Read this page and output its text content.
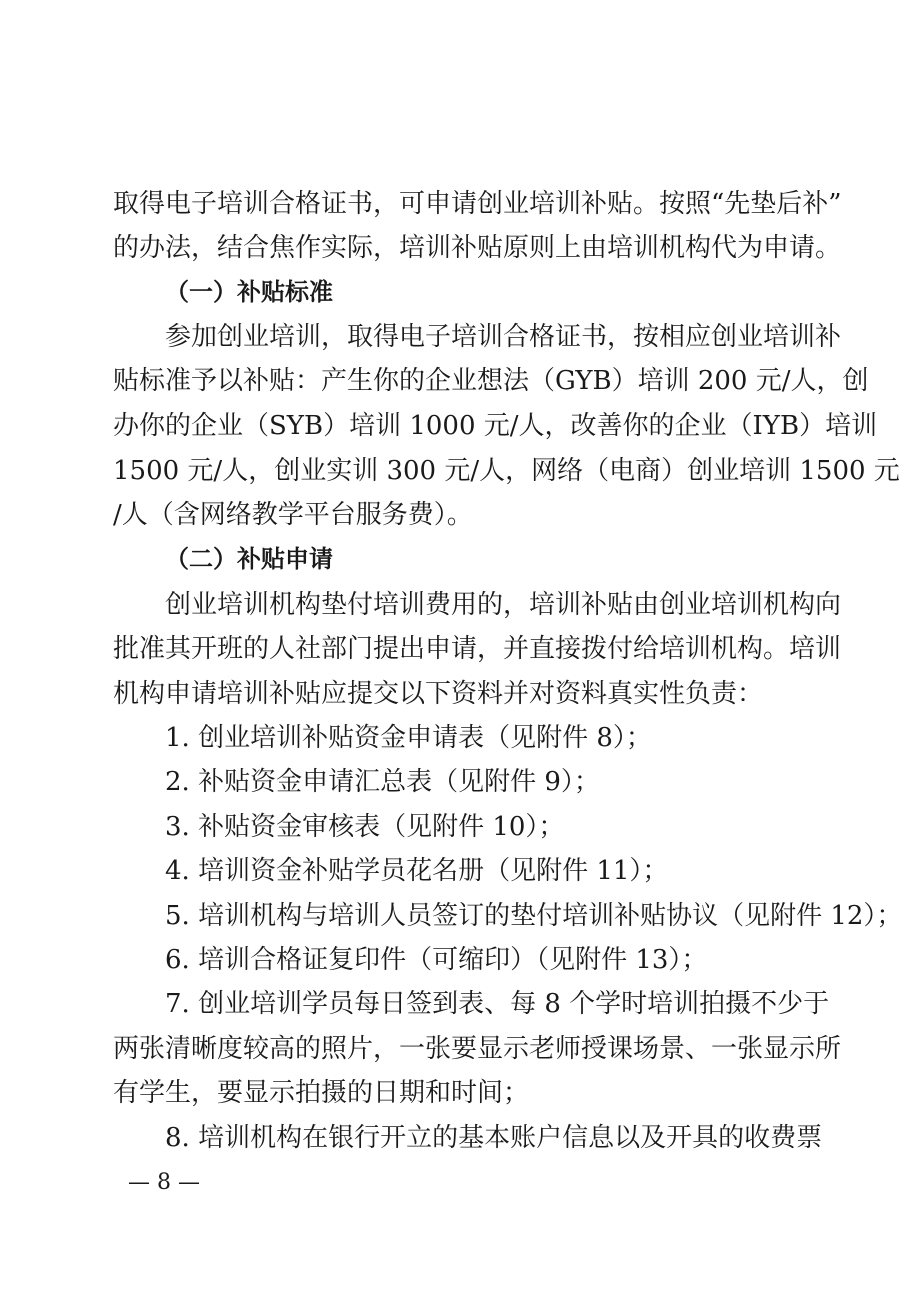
取得电子培训合格证书，可申请创业培训补贴。按照“先垫后补”
的办法，结合焦作实际，培训补贴原则上由培训机构代为申请。
（一）补贴标准
参加创业培训，取得电子培训合格证书，按相应创业培训补
贴标准予以补贴：产生你的企业想法（GYB）培训 200 元/人，创
办你的企业（SYB）培训 1000 元/人，改善你的企业（IYB）培训
1500 元/人，创业实训 300 元/人，网络（电商）创业培训 1500 元
/人（含网络教学平台服务费）。
（二）补贴申请
创业培训机构垫付培训费用的，培训补贴由创业培训机构向
批准其开班的人社部门提出申请，并直接拨付给培训机构。培训
机构申请培训补贴应提交以下资料并对资料真实性负责：
1. 创业培训补贴资金申请表（见附件 8）；
2. 补贴资金申请汇总表（见附件 9）；
3. 补贴资金审核表（见附件 10）；
4. 培训资金补贴学员花名册（见附件 11）；
5. 培训机构与培训人员签订的垫付培训补贴协议（见附件 12）；
6. 培训合格证复印件（可缩印）（见附件 13）；
7. 创业培训学员每日签到表、每 8 个学时培训拍摄不少于
两张清晰度较高的照片，一张要显示老师授课场景、一张显示所
有学生，要显示拍摄的日期和时间；
8. 培训机构在银行开立的基本账户信息以及开具的收费票
— 8 —
